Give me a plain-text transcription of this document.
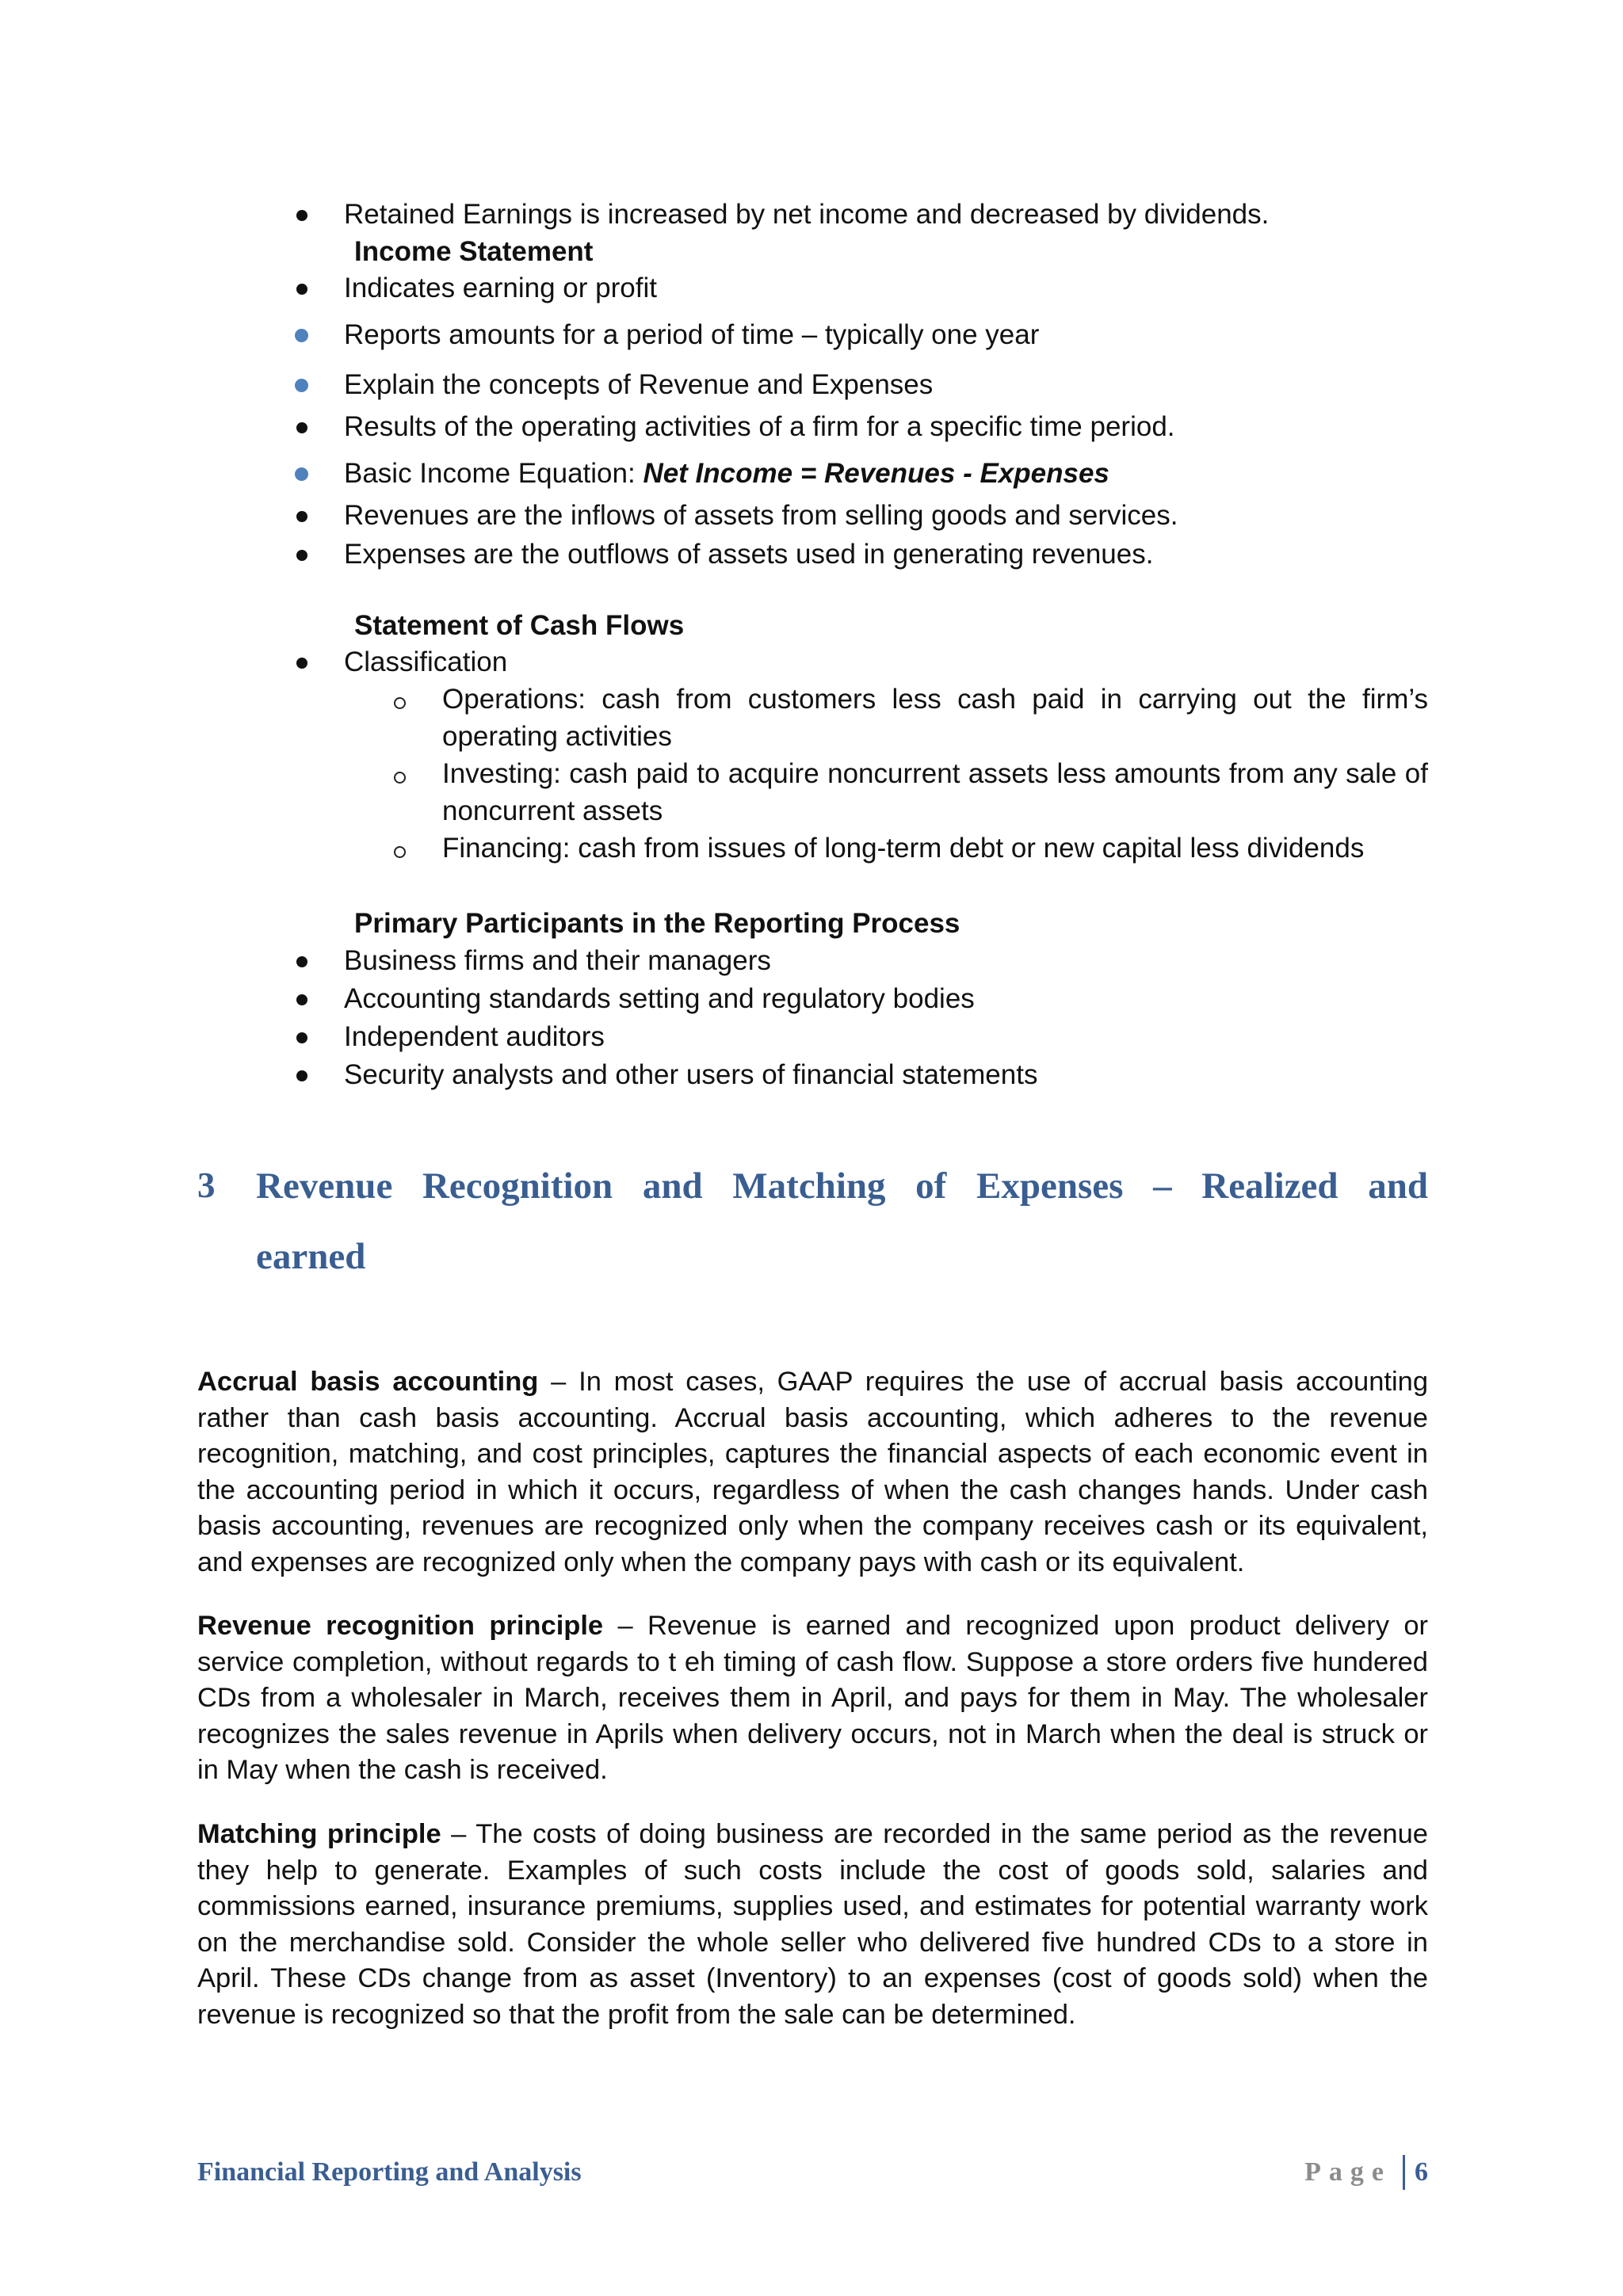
Retained Earnings is increased by net income and decreased by dividends.
Income Statement
Indicates earning or profit
Reports amounts for a period of time – typically one year
Explain the concepts of Revenue and Expenses
Results of the operating activities of a firm for a specific time period.
Basic Income Equation: Net Income = Revenues - Expenses
Revenues are the inflows of assets from selling goods and services.
Expenses are the outflows of assets used in generating revenues.
Statement of Cash Flows
Classification
Operations: cash from customers less cash paid in carrying out the firm’s
operating activities
Investing: cash paid to acquire noncurrent assets less amounts from any sale of
noncurrent assets
Financing: cash from issues of long-term debt or new capital less dividends
Primary Participants in the Reporting Process
Business firms and their managers
Accounting standards setting and regulatory bodies
Independent auditors
Security analysts and other users of financial statements
3 Revenue Recognition and Matching of Expenses – Realized and
earned
Accrual basis accounting – In most cases, GAAP requires the use of accrual basis accounting rather than cash basis accounting. Accrual basis accounting, which adheres to the revenue recognition, matching, and cost principles, captures the financial aspects of each economic event in the accounting period in which it occurs, regardless of when the cash changes hands. Under cash basis accounting, revenues are recognized only when the company receives cash or its equivalent, and expenses are recognized only when the company pays with cash or its equivalent.
Revenue recognition principle – Revenue is earned and recognized upon product delivery or service completion, without regards to t eh timing of cash flow. Suppose a store orders five hundered CDs from a wholesaler in March, receives them in April, and pays for them in May. The wholesaler recognizes the sales revenue in Aprils when delivery occurs, not in March when the deal is struck or in May when the cash is received.
Matching principle – The costs of doing business are recorded in the same period as the revenue they help to generate. Examples of such costs include the cost of goods sold, salaries and commissions earned, insurance premiums, supplies used, and estimates for potential warranty work on the merchandise sold. Consider the whole seller who delivered five hundred CDs to a store in April. These CDs change from as asset (Inventory) to an expenses (cost of goods sold) when the revenue is recognized so that the profit from the sale can be determined.
Financial Reporting and Analysis	Page 6
